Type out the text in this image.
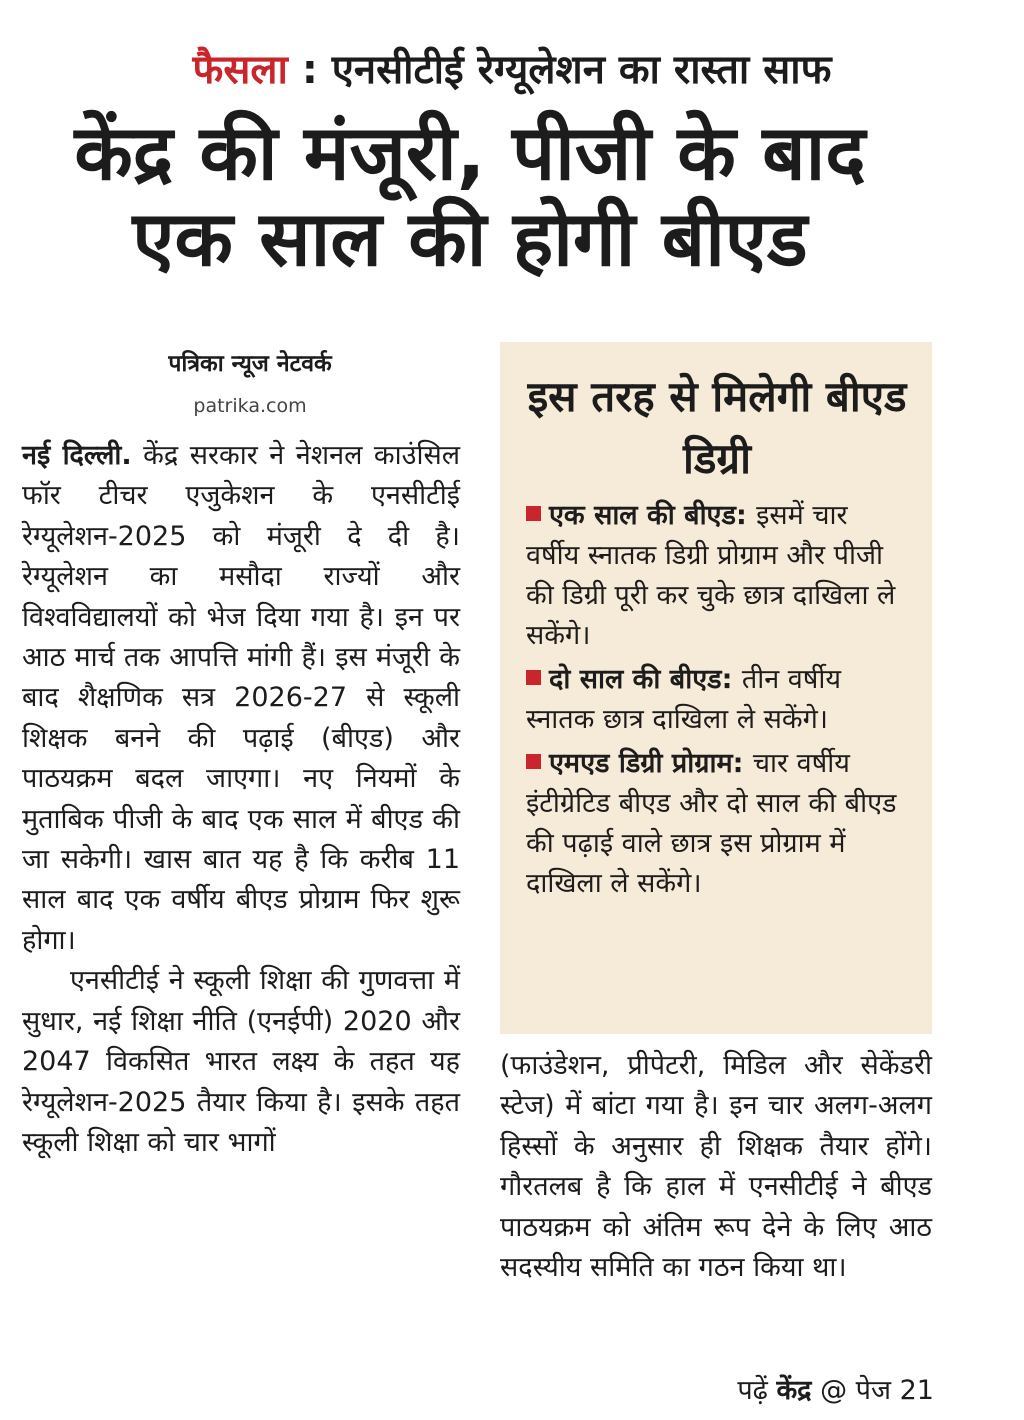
फैसला : एनसीटीई रेग्यूलेशन का रास्ता साफ
केंद्र की मंजूरी, पीजी के बाद एक साल की होगी बीएड
पत्रिका न्यूज नेटवर्क
patrika.com

नई दिल्ली. केंद्र सरकार ने नेशनल काउंसिल फॉर टीचर एजुकेशन के एनसीटीई रेग्यूलेशन-2025 को मंजूरी दे दी है। रेग्यूलेशन का मसौदा राज्यों और विश्वविद्यालयों को भेज दिया गया है। इन पर आठ मार्च तक आपत्ति मांगी हैं। इस मंजूरी के बाद शैक्षणिक सत्र 2026-27 से स्कूली शिक्षक बनने की पढ़ाई (बीएड) और पाठयक्रम बदल जाएगा। नए नियमों के मुताबिक पीजी के बाद एक साल में बीएड की जा सकेगी। खास बात यह है कि करीब 11 साल बाद एक वर्षीय बीएड प्रोग्राम फिर शुरू होगा।

एनसीटीई ने स्कूली शिक्षा की गुणवत्ता में सुधार, नई शिक्षा नीति (एनईपी) 2020 और 2047 विकसित भारत लक्ष्य के तहत यह रेग्यूलेशन-2025 तैयार किया है। इसके तहत स्कूली शिक्षा को चार भागों

इस तरह से मिलेगी बीएड डिग्री

एक साल की बीएड: इसमें चार वर्षीय स्नातक डिग्री प्रोग्राम और पीजी की डिग्री पूरी कर चुके छात्र दाखिला ले सकेंगे।

दो साल की बीएड: तीन वर्षीय स्नातक छात्र दाखिला ले सकेंगे।

एमएड डिग्री प्रोग्राम: चार वर्षीय इंटीग्रेटिड बीएड और दो साल की बीएड की पढ़ाई वाले छात्र इस प्रोग्राम में दाखिला ले सकेंगे।

(फाउंडेशन, प्रीपेटरी, मिडिल और सेकेंडरी स्टेज) में बांटा गया है। इन चार अलग-अलग हिस्सों के अनुसार ही शिक्षक तैयार होंगे। गौरतलब है कि हाल में एनसीटीई ने बीएड पाठयक्रम को अंतिम रूप देने के लिए आठ सदस्यीय समिति का गठन किया था।

पढ़ें केंद्र @ पेज 21
